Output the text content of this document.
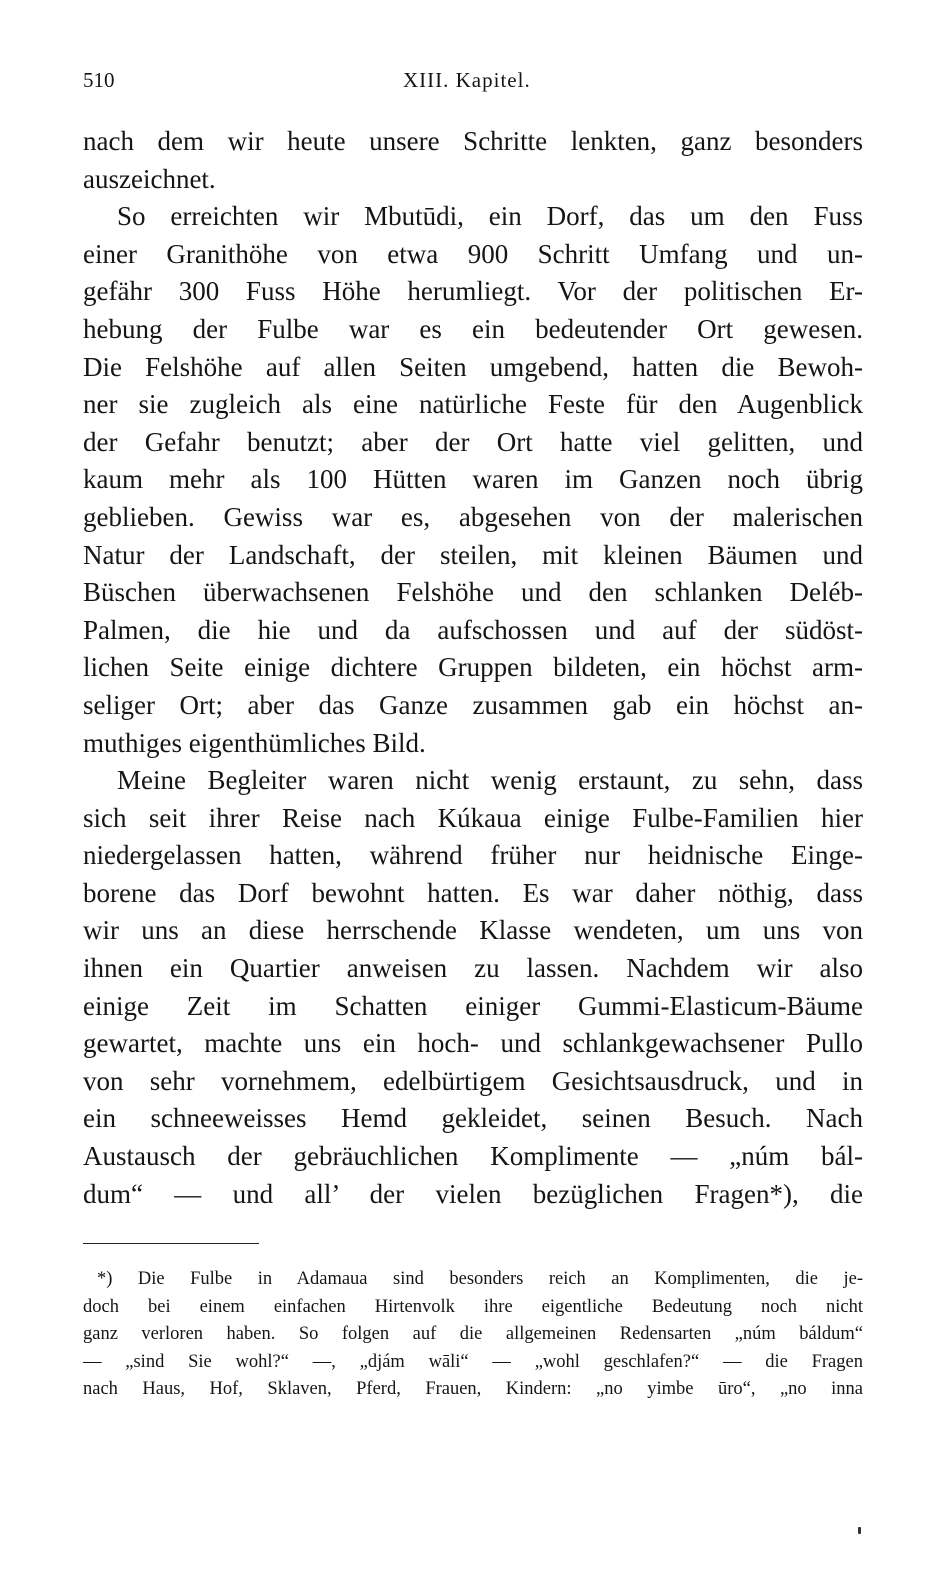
510	XIII. Kapitel.
nach dem wir heute unsere Schritte lenkten, ganz besonders
auszeichnet.
So erreichten wir Mbutūdi, ein Dorf, das um den Fuss
einer Granithöhe von etwa 900 Schritt Umfang und un-
gefähr 300 Fuss Höhe herumliegt. Vor der politischen Er-
hebung der Fulbe war es ein bedeutender Ort gewesen.
Die Felshöhe auf allen Seiten umgebend, hatten die Bewoh-
ner sie zugleich als eine natürliche Feste für den Augenblick
der Gefahr benutzt; aber der Ort hatte viel gelitten, und
kaum mehr als 100 Hütten waren im Ganzen noch übrig
geblieben. Gewiss war es, abgesehen von der malerischen
Natur der Landschaft, der steilen, mit kleinen Bäumen und
Büschen überwachsenen Felshöhe und den schlanken Deléb-
Palmen, die hie und da aufschossen und auf der südöst-
lichen Seite einige dichtere Gruppen bildeten, ein höchst arm-
seliger Ort; aber das Ganze zusammen gab ein höchst an-
muthiges eigenthümliches Bild.
Meine Begleiter waren nicht wenig erstaunt, zu sehn, dass
sich seit ihrer Reise nach Kúkaua einige Fulbe-Familien hier
niedergelassen hatten, während früher nur heidnische Einge-
borene das Dorf bewohnt hatten. Es war daher nöthig, dass
wir uns an diese herrschende Klasse wendeten, um uns von
ihnen ein Quartier anweisen zu lassen. Nachdem wir also
einige Zeit im Schatten einiger Gummi-Elasticum-Bäume
gewartet, machte uns ein hoch- und schlankgewachsener Pullo
von sehr vornehmem, edelbürtigem Gesichtsausdruck, und in
ein schneeweisses Hemd gekleidet, seinen Besuch. Nach
Austausch der gebräuchlichen Komplimente — „núm bál-
dum“ — und all’ der vielen bezüglichen Fragen*), die
*) Die Fulbe in Adamaua sind besonders reich an Komplimenten, die je-
doch bei einem einfachen Hirtenvolk ihre eigentliche Bedeutung noch nicht
ganz verloren haben. So folgen auf die allgemeinen Redensarten „núm báldum“
— „sind Sie wohl?“ —, „djám wāli“ — „wohl geschlafen?“ — die Fragen
nach Haus, Hof, Sklaven, Pferd, Frauen, Kindern: „no yimbe ūro“, „no inna
